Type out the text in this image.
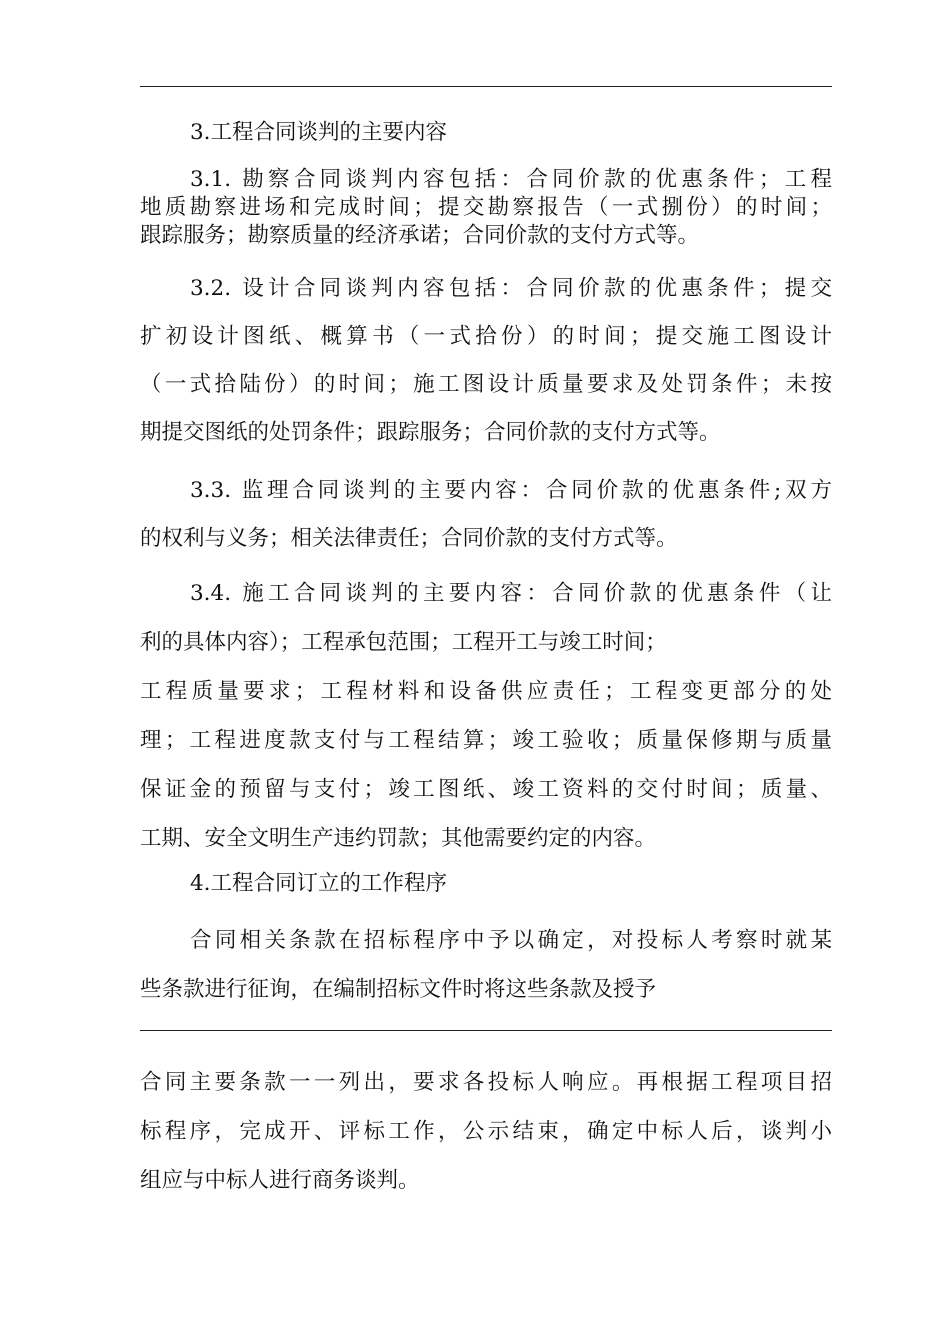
3.工程合同谈判的主要内容

3.1. 勘察合同谈判内容包括：合同价款的优惠条件；工程

地质勘察进场和完成时间；提交勘察报告（一式捌份）的时间；

跟踪服务；勘察质量的经济承诺；合同价款的支付方式等。

3.2. 设计合同谈判内容包括：合同价款的优惠条件；提交

扩初设计图纸、概算书（一式拾份）的时间；提交施工图设计

（一式拾陆份）的时间；施工图设计质量要求及处罚条件；未按

期提交图纸的处罚条件；跟踪服务；合同价款的支付方式等。

3.3. 监理合同谈判的主要内容：合同价款的优惠条件;双方

的权利与义务；相关法律责任；合同价款的支付方式等。

3.4. 施工合同谈判的主要内容：合同价款的优惠条件（让

利的具体内容）；工程承包范围；工程开工与竣工时间；

工程质量要求；工程材料和设备供应责任；工程变更部分的处

理；工程进度款支付与工程结算；竣工验收；质量保修期与质量

保证金的预留与支付；竣工图纸、竣工资料的交付时间；质量、

工期、安全文明生产违约罚款；其他需要约定的内容。

4.工程合同订立的工作程序

合同相关条款在招标程序中予以确定，对投标人考察时就某

些条款进行征询，在编制招标文件时将这些条款及授予

合同主要条款一一列出，要求各投标人响应。再根据工程项目招

标程序，完成开、评标工作，公示结束，确定中标人后，谈判小

组应与中标人进行商务谈判。
